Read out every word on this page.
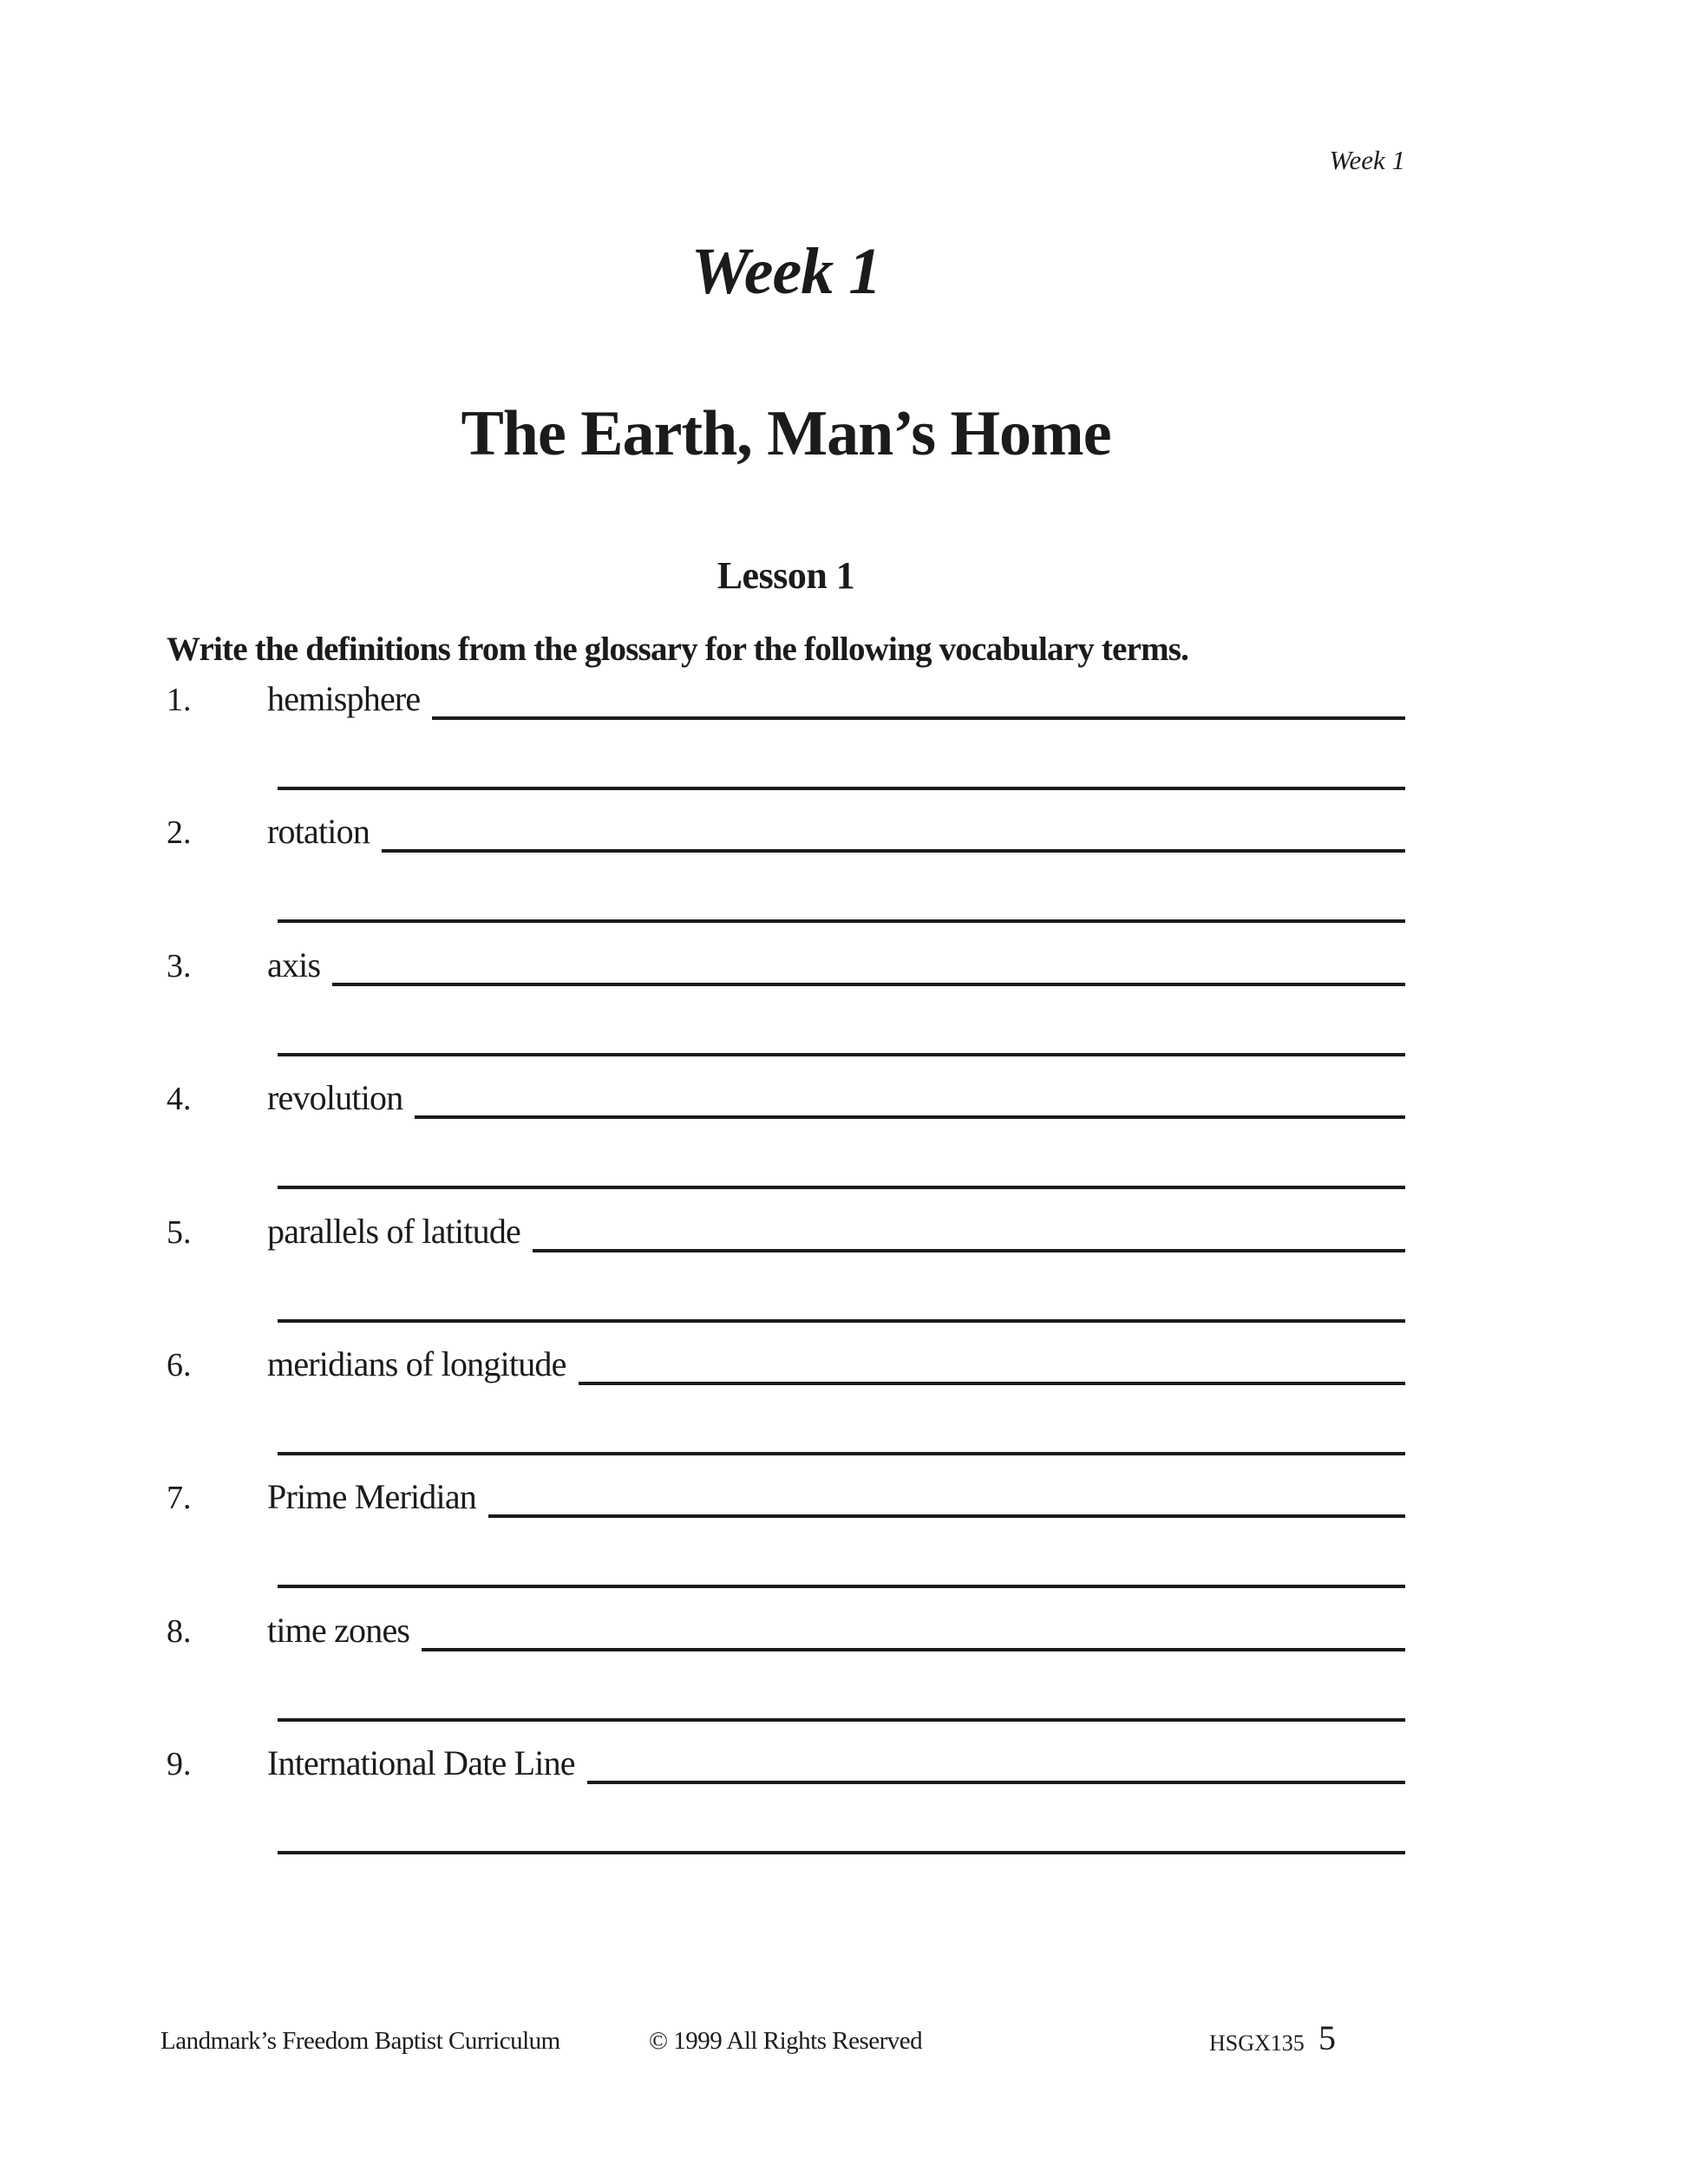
Week 1
Week 1
The Earth, Man’s Home
Lesson 1

Write the definitions from the glossary for the following vocabulary terms.

1.	hemisphere
2.	rotation
3.	axis
4.	revolution
5.	parallels of latitude
6.	meridians of longitude
7.	Prime Meridian
8.	time zones
9.	International Date Line
Landmark’s Freedom Baptist Curriculum	© 1999 All Rights Reserved	HSGX135 5
